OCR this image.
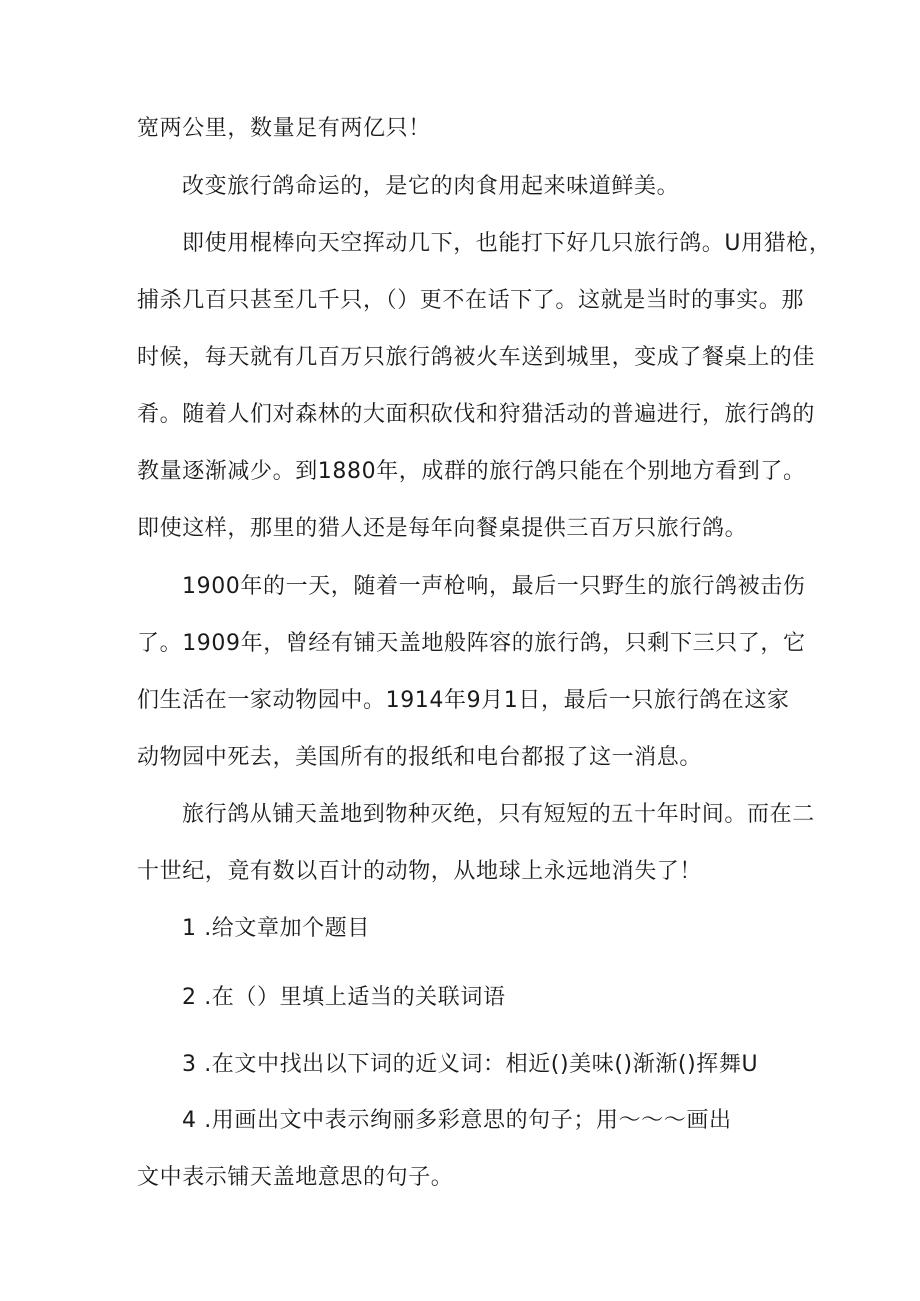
宽两公里，数量足有两亿只！
改变旅行鸽命运的，是它的肉食用起来味道鲜美。
即使用棍棒向天空挥动几下，也能打下好几只旅行鸽。U用猎枪，
捕杀几百只甚至几千只，（）更不在话下了。这就是当时的事实。那
时候，每天就有几百万只旅行鸽被火车送到城里，变成了餐桌上的佳
肴。随着人们对森林的大面积砍伐和狩猎活动的普遍进行，旅行鸽的
教量逐渐减少。到1880年，成群的旅行鸽只能在个别地方看到了。
即使这样，那里的猎人还是每年向餐桌提供三百万只旅行鸽。
1900年的一天，随着一声枪响，最后一只野生的旅行鸽被击伤
了。1909年，曾经有铺天盖地般阵容的旅行鸽，只剩下三只了，它
们生活在一家动物园中。1914年9月1日，最后一只旅行鸽在这家
动物园中死去，美国所有的报纸和电台都报了这一消息。
旅行鸽从铺天盖地到物种灭绝，只有短短的五十年时间。而在二
十世纪，竟有数以百计的动物，从地球上永远地消失了！
1 .给文章加个题目
2 .在（）里填上适当的关联词语
3 .在文中找出以下词的近义词：相近()美味()渐渐()挥舞U
4 .用画出文中表示绚丽多彩意思的句子；用～～～画出
文中表示铺天盖地意思的句子。
